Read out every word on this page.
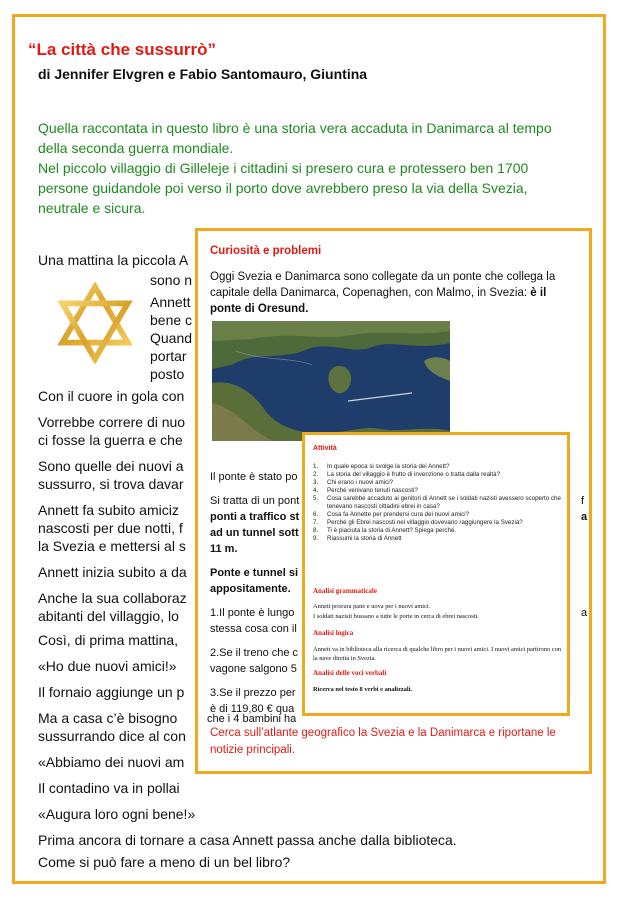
“La città che sussurrò”
di Jennifer Elvgren e Fabio Santomauro, Giuntina

Quella raccontata in questo libro è una storia vera accaduta in Danimarca al tempo della seconda guerra mondiale.

Nel piccolo villaggio di Gilleleje i cittadini si presero cura e protessero ben 1700 persone guidandole poi verso il porto dove avrebbero preso la via della Svezia, neutrale e sicura.

Una mattina la piccola A
sono n
Annett
bene c
Quand
portar
posto
Con il cuore in gola con
Vorrebbe correre di nuo
ci fosse la guerra e che
Sono quelle dei nuovi a
sussurro, si trova davar
Annett fa subito amiciz
nascosti per due notti, f
la Svezia e mettersi al s
Annett inizia subito a da
Anche la sua collaboraz
abitanti del villaggio, lo
Così, di prima mattina,
«Ho due nuovi amici!»
Il fornaio aggiunge un p
Ma a casa c’è bisogno
sussurrando dice al con
«Abbiamo dei nuovi am
Il contadino va in pollai
«Augura loro ogni bene!»
Prima ancora di tornare a casa Annett passa anche dalla biblioteca.
Come si può fare a meno di un bel libro?
Curiosità e problemi
Oggi Svezia e Danimarca sono collegate da un ponte che collega la capitale della Danimarca, Copenaghen, con Malmo, in Svezia: è il ponte di Oresund.
Il ponte è stato po
Si tratta di un pont
ponti a traffico st
ad un tunnel sott
11 m.
Ponte e tunnel si
appositamente.
1.Il ponte è lungo
stessa cosa con il
2.Se il treno che c
vagone salgono 5
3.Se il prezzo per
è di 119,80 € qua
f
a
a
Cerca sull’atlante geografico la Svezia e la Danimarca e riportane le notizie principali.
che i 4 bambini ha
Attività
1. In quale epoca si svolge la storia dei Annett?
2. La storia del villaggio è frutto di invenzione o tratta dalla realtà?
3. Chi erano i nuovi amici?
4. Perché venivano tenuti nascosti?
5. Cosa sarebbe accaduto ai genitori di Annett se i soldati nazisti avessero scoperto che tenevano nascosti cittadini ebrei in casa?
6. Cosa fa Annette per prendersi cura dei nuovi amici?
7. Perché gli Ebrei nascosti nel villaggio dovevano raggiungere la Svezia?
8. Ti è piaciuta la storia di Annett? Spiega perché.
9. Riassumi la storia di Annett
Analisi grammaticale
Annett procura pane e uova per i nuovi amici.
I soldati nazisti bussano a tutte le porte in cerca di ebrei nascosti.
Analisi logica
Annett va in biblioteca alla ricerca di qualche libro per i nuovi amici. I nuovi amici partirono con la nave diretta in Svezia.
Analisi delle voci verbali
Ricerca nel testo 8 verbi e analizzali.
